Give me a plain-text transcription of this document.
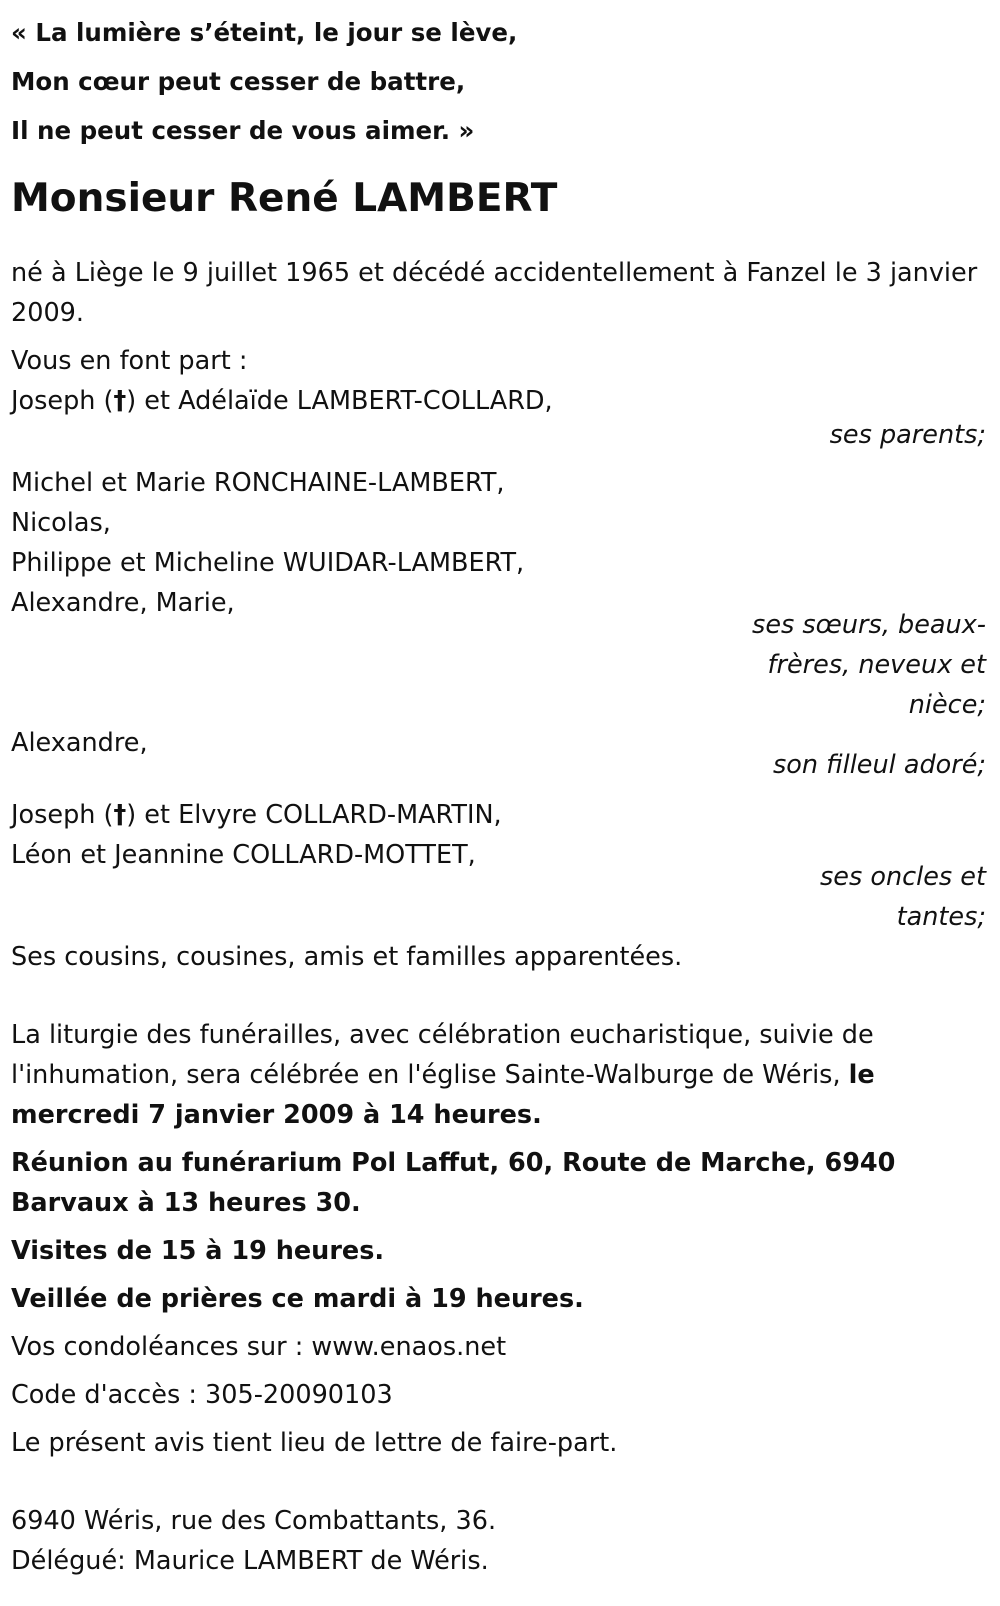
« La lumière s’éteint, le jour se lève,
Mon cœur peut cesser de battre,
Il ne peut cesser de vous aimer. »
Monsieur René LAMBERT

né à Liège le 9 juillet 1965 et décédé accidentellement à Fanzel le 3 janvier 2009.

Vous en font part :

Joseph (†) et Adélaïde LAMBERT-COLLARD,
ses parents;
Michel et Marie RONCHAINE-LAMBERT,
Nicolas,
Philippe et Micheline WUIDAR-LAMBERT,
Alexandre, Marie,
ses sœurs, beaux-
frères, neveux et
nièce;
Alexandre,
son filleul adoré;
Joseph (†) et Elvyre COLLARD-MARTIN,
Léon et Jeannine COLLARD-MOTTET,
ses oncles et
tantes;
Ses cousins, cousines, amis et familles apparentées.

La liturgie des funérailles, avec célébration eucharistique, suivie de l'inhumation, sera célébrée en l'église Sainte-Walburge de Wéris, le mercredi 7 janvier 2009 à 14 heures.

Réunion au funérarium Pol Laffut, 60, Route de Marche, 6940 Barvaux à 13 heures 30.

Visites de 15 à 19 heures.

Veillée de prières ce mardi à 19 heures.

Vos condoléances sur : www.enaos.net

Code d'accès : 305-20090103

Le présent avis tient lieu de lettre de faire-part.

6940 Wéris, rue des Combattants, 36.

Délégué: Maurice LAMBERT de Wéris.
